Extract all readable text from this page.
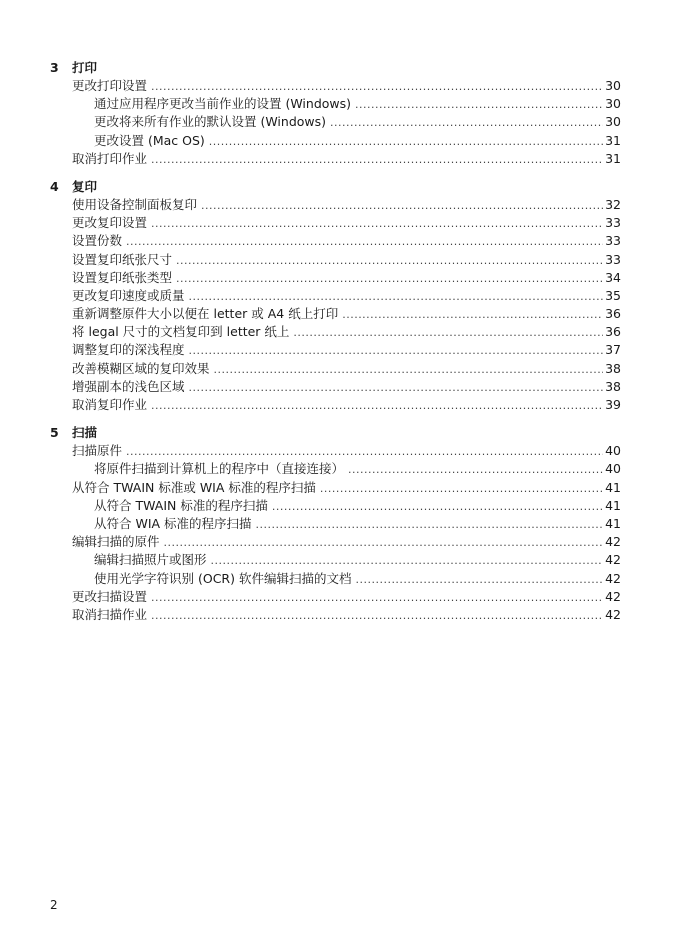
3	打印
更改打印设置 .....	30
通过应用程序更改当前作业的设置 (Windows) .....	30
更改将来所有作业的默认设置 (Windows) .....	30
更改设置 (Mac OS) .....	31
取消打印作业 .....	31
4	复印
使用设备控制面板复印 .....	32
更改复印设置 .....	33
设置份数 .....	33
设置复印纸张尺寸 .....	33
设置复印纸张类型 .....	34
更改复印速度或质量 .....	35
重新调整原件大小以便在 letter 或 A4 纸上打印 .....	36
将 legal 尺寸的文档复印到 letter 纸上 .....	36
调整复印的深浅程度 .....	37
改善模糊区域的复印效果 .....	38
增强副本的浅色区域 .....	38
取消复印作业 .....	39
5	扫描
扫描原件 .....	40
将原件扫描到计算机上的程序中（直接连接） .....	40
从符合 TWAIN 标准或 WIA 标准的程序扫描 .....	41
从符合 TWAIN 标准的程序扫描 .....	41
从符合 WIA 标准的程序扫描 .....	41
编辑扫描的原件 .....	42
编辑扫描照片或图形 .....	42
使用光学字符识别 (OCR) 软件编辑扫描的文档 .....	42
更改扫描设置 .....	42
取消扫描作业 .....	42
2
